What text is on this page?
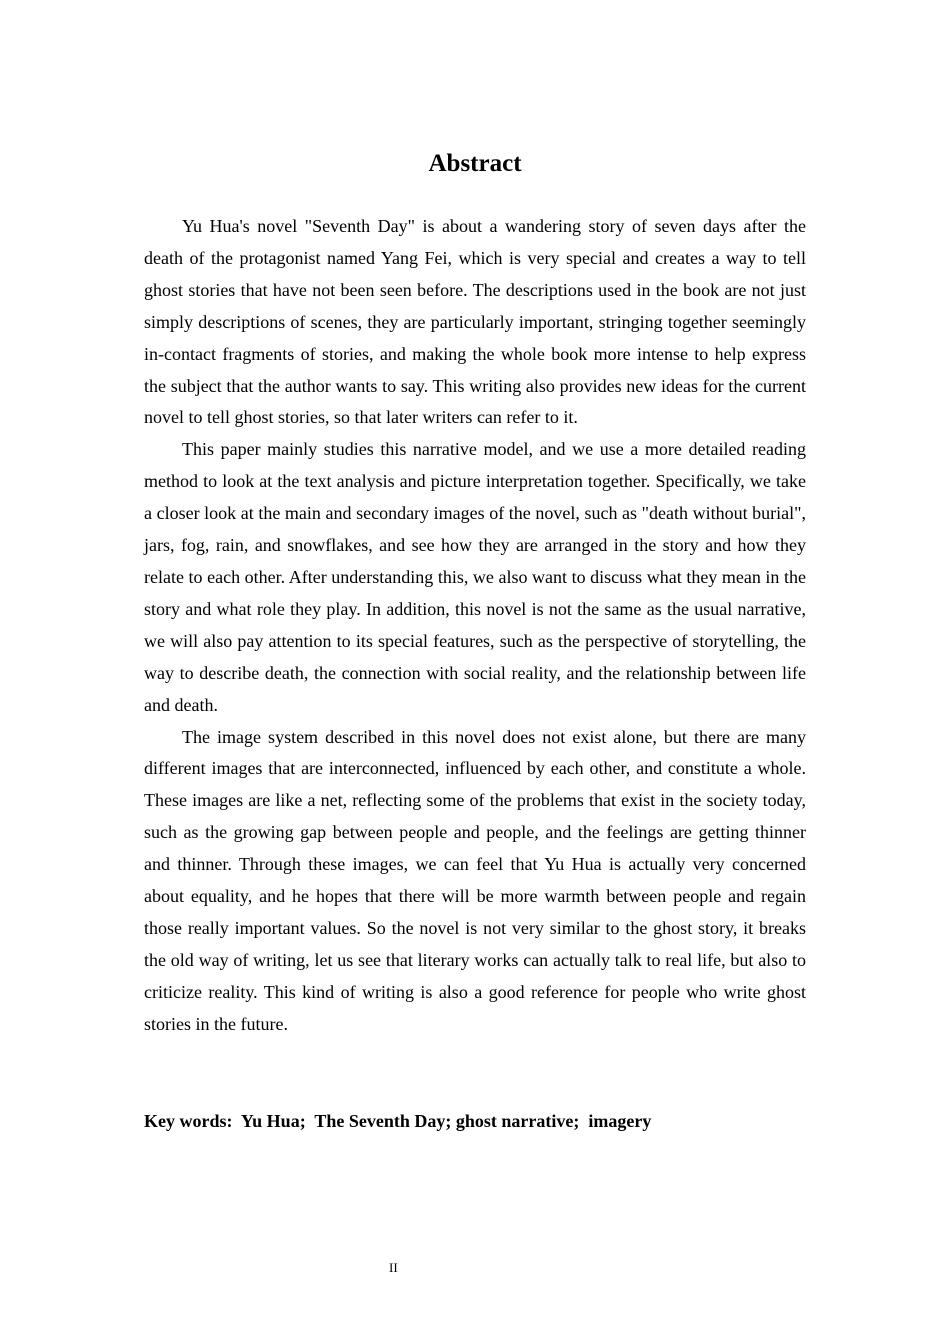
Abstract

Yu Hua's novel "Seventh Day" is about a wandering story of seven days after the death of the protagonist named Yang Fei, which is very special and creates a way to tell ghost stories that have not been seen before. The descriptions used in the book are not just simply descriptions of scenes, they are particularly important, stringing together seemingly in-contact fragments of stories, and making the whole book more intense to help express the subject that the author wants to say. This writing also provides new ideas for the current novel to tell ghost stories, so that later writers can refer to it.

This paper mainly studies this narrative model, and we use a more detailed reading method to look at the text analysis and picture interpretation together. Specifically, we take a closer look at the main and secondary images of the novel, such as "death without burial", jars, fog, rain, and snowflakes, and see how they are arranged in the story and how they relate to each other. After understanding this, we also want to discuss what they mean in the story and what role they play. In addition, this novel is not the same as the usual narrative, we will also pay attention to its special features, such as the perspective of storytelling, the way to describe death, the connection with social reality, and the relationship between life and death.

The image system described in this novel does not exist alone, but there are many different images that are interconnected, influenced by each other, and constitute a whole. These images are like a net, reflecting some of the problems that exist in the society today, such as the growing gap between people and people, and the feelings are getting thinner and thinner. Through these images, we can feel that Yu Hua is actually very concerned about equality, and he hopes that there will be more warmth between people and regain those really important values. So the novel is not very similar to the ghost story, it breaks the old way of writing, let us see that literary works can actually talk to real life, but also to criticize reality. This kind of writing is also a good reference for people who write ghost stories in the future.

Key words:  Yu Hua;  The Seventh Day; ghost narrative;  imagery
II
